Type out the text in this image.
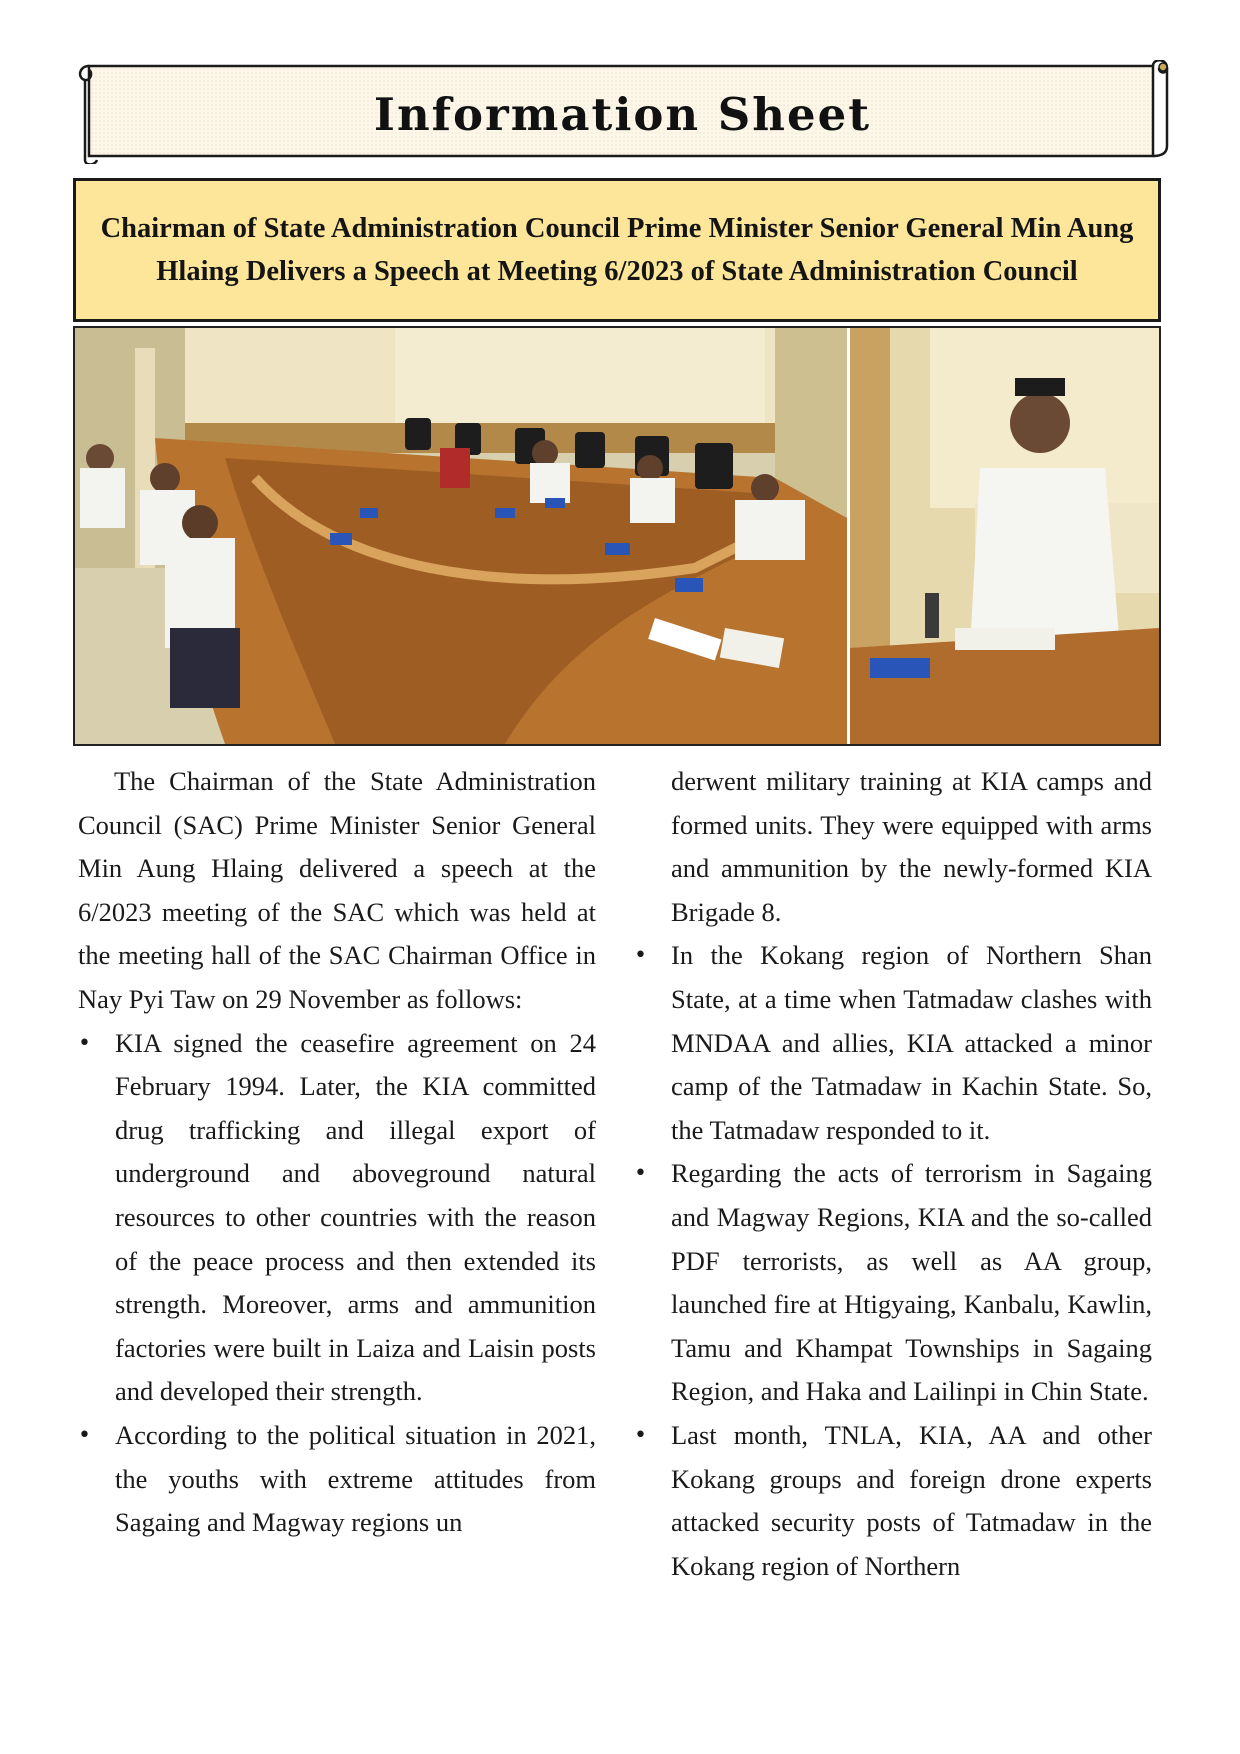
Information Sheet
Chairman of State Administration Council Prime Minister Senior General Min Aung Hlaing Delivers a Speech at Meeting 6/2023 of State Administration Council

The Chairman of the State Administration Council (SAC) Prime Minister Senior General Min Aung Hlaing delivered a speech at the 6/2023 meeting of the SAC which was held at the meeting hall of the SAC Chairman Office in Nay Pyi Taw on 29 November as follows:

• KIA signed the ceasefire agreement on 24 February 1994. Later, the KIA committed drug trafficking and illegal export of underground and aboveground natural resources to other countries with the reason of the peace process and then extended its strength. Moreover, arms and ammunition factories were built in Laiza and Laisin posts and developed their strength.

• According to the political situation in 2021, the youths with extreme attitudes from Sagaing and Magway regions un

derwent military training at KIA camps and formed units. They were equipped with arms and ammunition by the newly-formed KIA Brigade 8.

• In the Kokang region of Northern Shan State, at a time when Tatmadaw clashes with MNDAA and allies, KIA attacked a minor camp of the Tatmadaw in Kachin State. So, the Tatmadaw responded to it.

• Regarding the acts of terrorism in Sagaing and Magway Regions, KIA and the so-called PDF terrorists, as well as AA group, launched fire at Htigyaing, Kanbalu, Kawlin, Tamu and Khampat Townships in Sagaing Region, and Haka and Lailinpi in Chin State.

• Last month, TNLA, KIA, AA and other Kokang groups and foreign drone experts attacked security posts of Tatmadaw in the Kokang region of Northern
